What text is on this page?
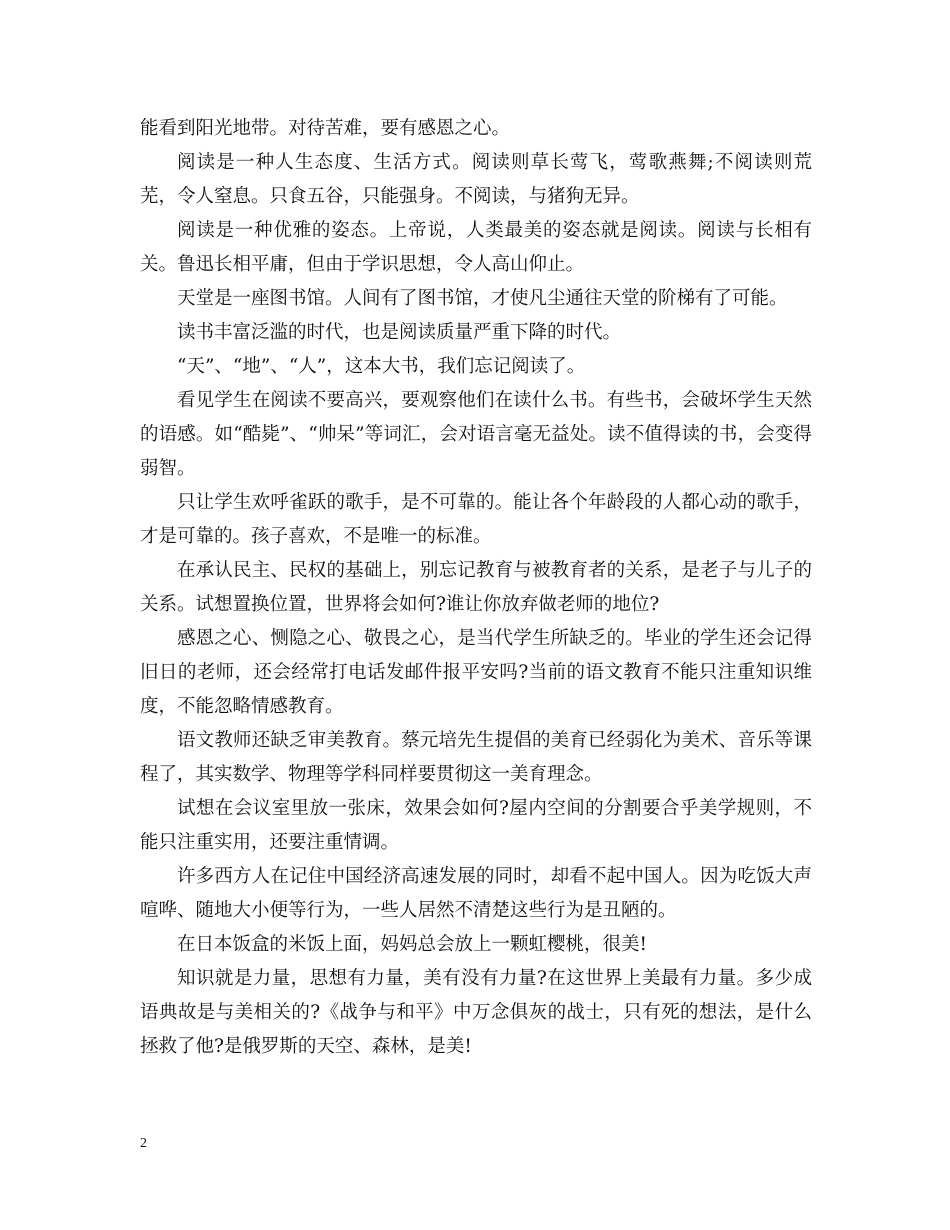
能看到阳光地带。对待苦难，要有感恩之心。

阅读是一种人生态度、生活方式。阅读则草长莺飞，莺歌燕舞;不阅读则荒芜，令人窒息。只食五谷，只能强身。不阅读，与猪狗无异。

阅读是一种优雅的姿态。上帝说，人类最美的姿态就是阅读。阅读与长相有关。鲁迅长相平庸，但由于学识思想，令人高山仰止。

天堂是一座图书馆。人间有了图书馆，才使凡尘通往天堂的阶梯有了可能。

读书丰富泛滥的时代，也是阅读质量严重下降的时代。

“天”、“地”、“人”，这本大书，我们忘记阅读了。

看见学生在阅读不要高兴，要观察他们在读什么书。有些书，会破坏学生天然的语感。如“酷毙”、“帅呆”等词汇，会对语言毫无益处。读不值得读的书，会变得弱智。

只让学生欢呼雀跃的歌手，是不可靠的。能让各个年龄段的人都心动的歌手，才是可靠的。孩子喜欢，不是唯一的标准。

在承认民主、民权的基础上，别忘记教育与被教育者的关系，是老子与儿子的关系。试想置换位置，世界将会如何?谁让你放弃做老师的地位?

感恩之心、恻隐之心、敬畏之心，是当代学生所缺乏的。毕业的学生还会记得旧日的老师，还会经常打电话发邮件报平安吗?当前的语文教育不能只注重知识维度，不能忽略情感教育。

语文教师还缺乏审美教育。蔡元培先生提倡的美育已经弱化为美术、音乐等课程了，其实数学、物理等学科同样要贯彻这一美育理念。

试想在会议室里放一张床，效果会如何?屋内空间的分割要合乎美学规则，不能只注重实用，还要注重情调。

许多西方人在记住中国经济高速发展的同时，却看不起中国人。因为吃饭大声喧哗、随地大小便等行为，一些人居然不清楚这些行为是丑陋的。

在日本饭盒的米饭上面，妈妈总会放上一颗虹樱桃，很美!

知识就是力量，思想有力量，美有没有力量?在这世界上美最有力量。多少成语典故是与美相关的?《战争与和平》中万念俱灰的战士，只有死的想法，是什么拯救了他?是俄罗斯的天空、森林，是美!

2
